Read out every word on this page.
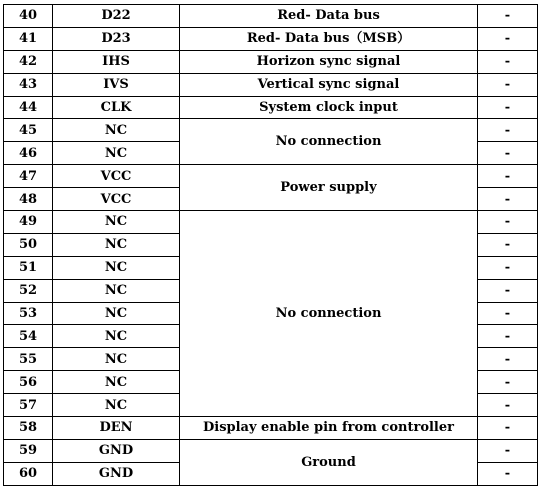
40	D22	Red- Data bus	-
41	D23	Red- Data bus（MSB）	-
42	IHS	Horizon sync signal	-
43	IVS	Vertical sync signal	-
44	CLK	System clock input	-
45	NC	No connection	-
46	NC		-
47	VCC	Power supply	-
48	VCC		-
49	NC	No connection	-
50	NC		-
51	NC		-
52	NC		-
53	NC		-
54	NC		-
55	NC		-
56	NC		-
57	NC		-
58	DEN	Display enable pin from controller	-
59	GND	Ground	-
60	GND		-
